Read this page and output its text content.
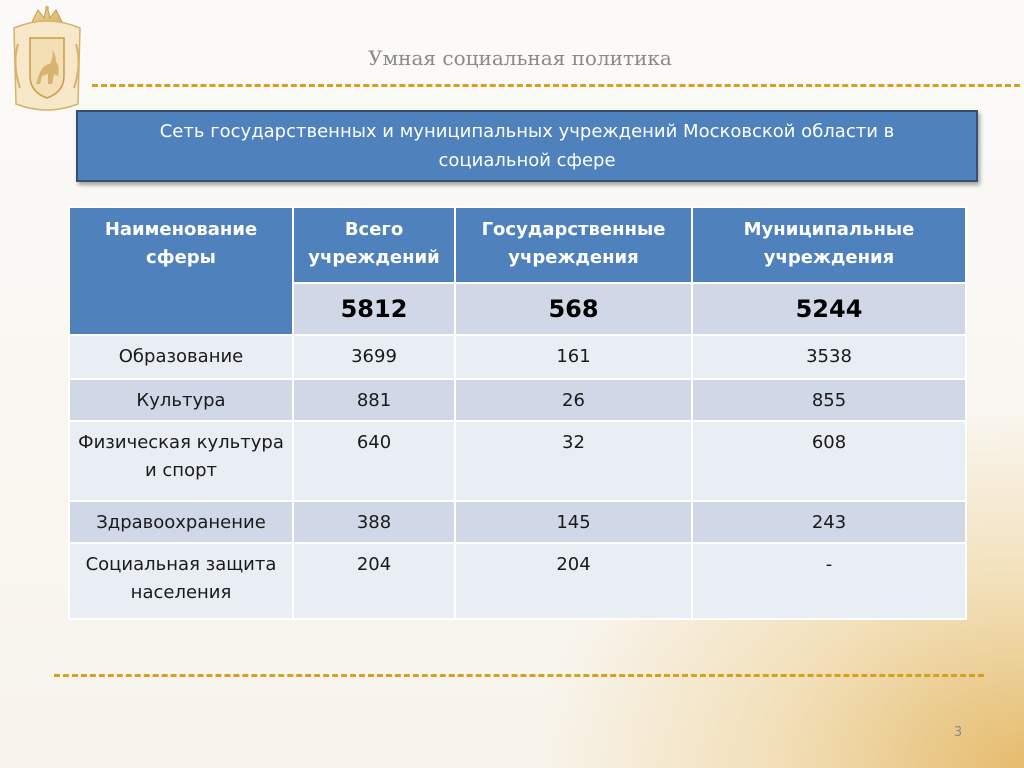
Умная социальная политика
Сеть государственных и муниципальных учреждений Московской области в социальной сфере
Наименование сферы	Всего учреждений	Государственные учреждения	Муниципальные учреждения
	5812	568	5244
Образование	3699	161	3538
Культура	881	26	855
Физическая культура и спорт	640	32	608
Здравоохранение	388	145	243
Социальная защита населения	204	204	-
3
